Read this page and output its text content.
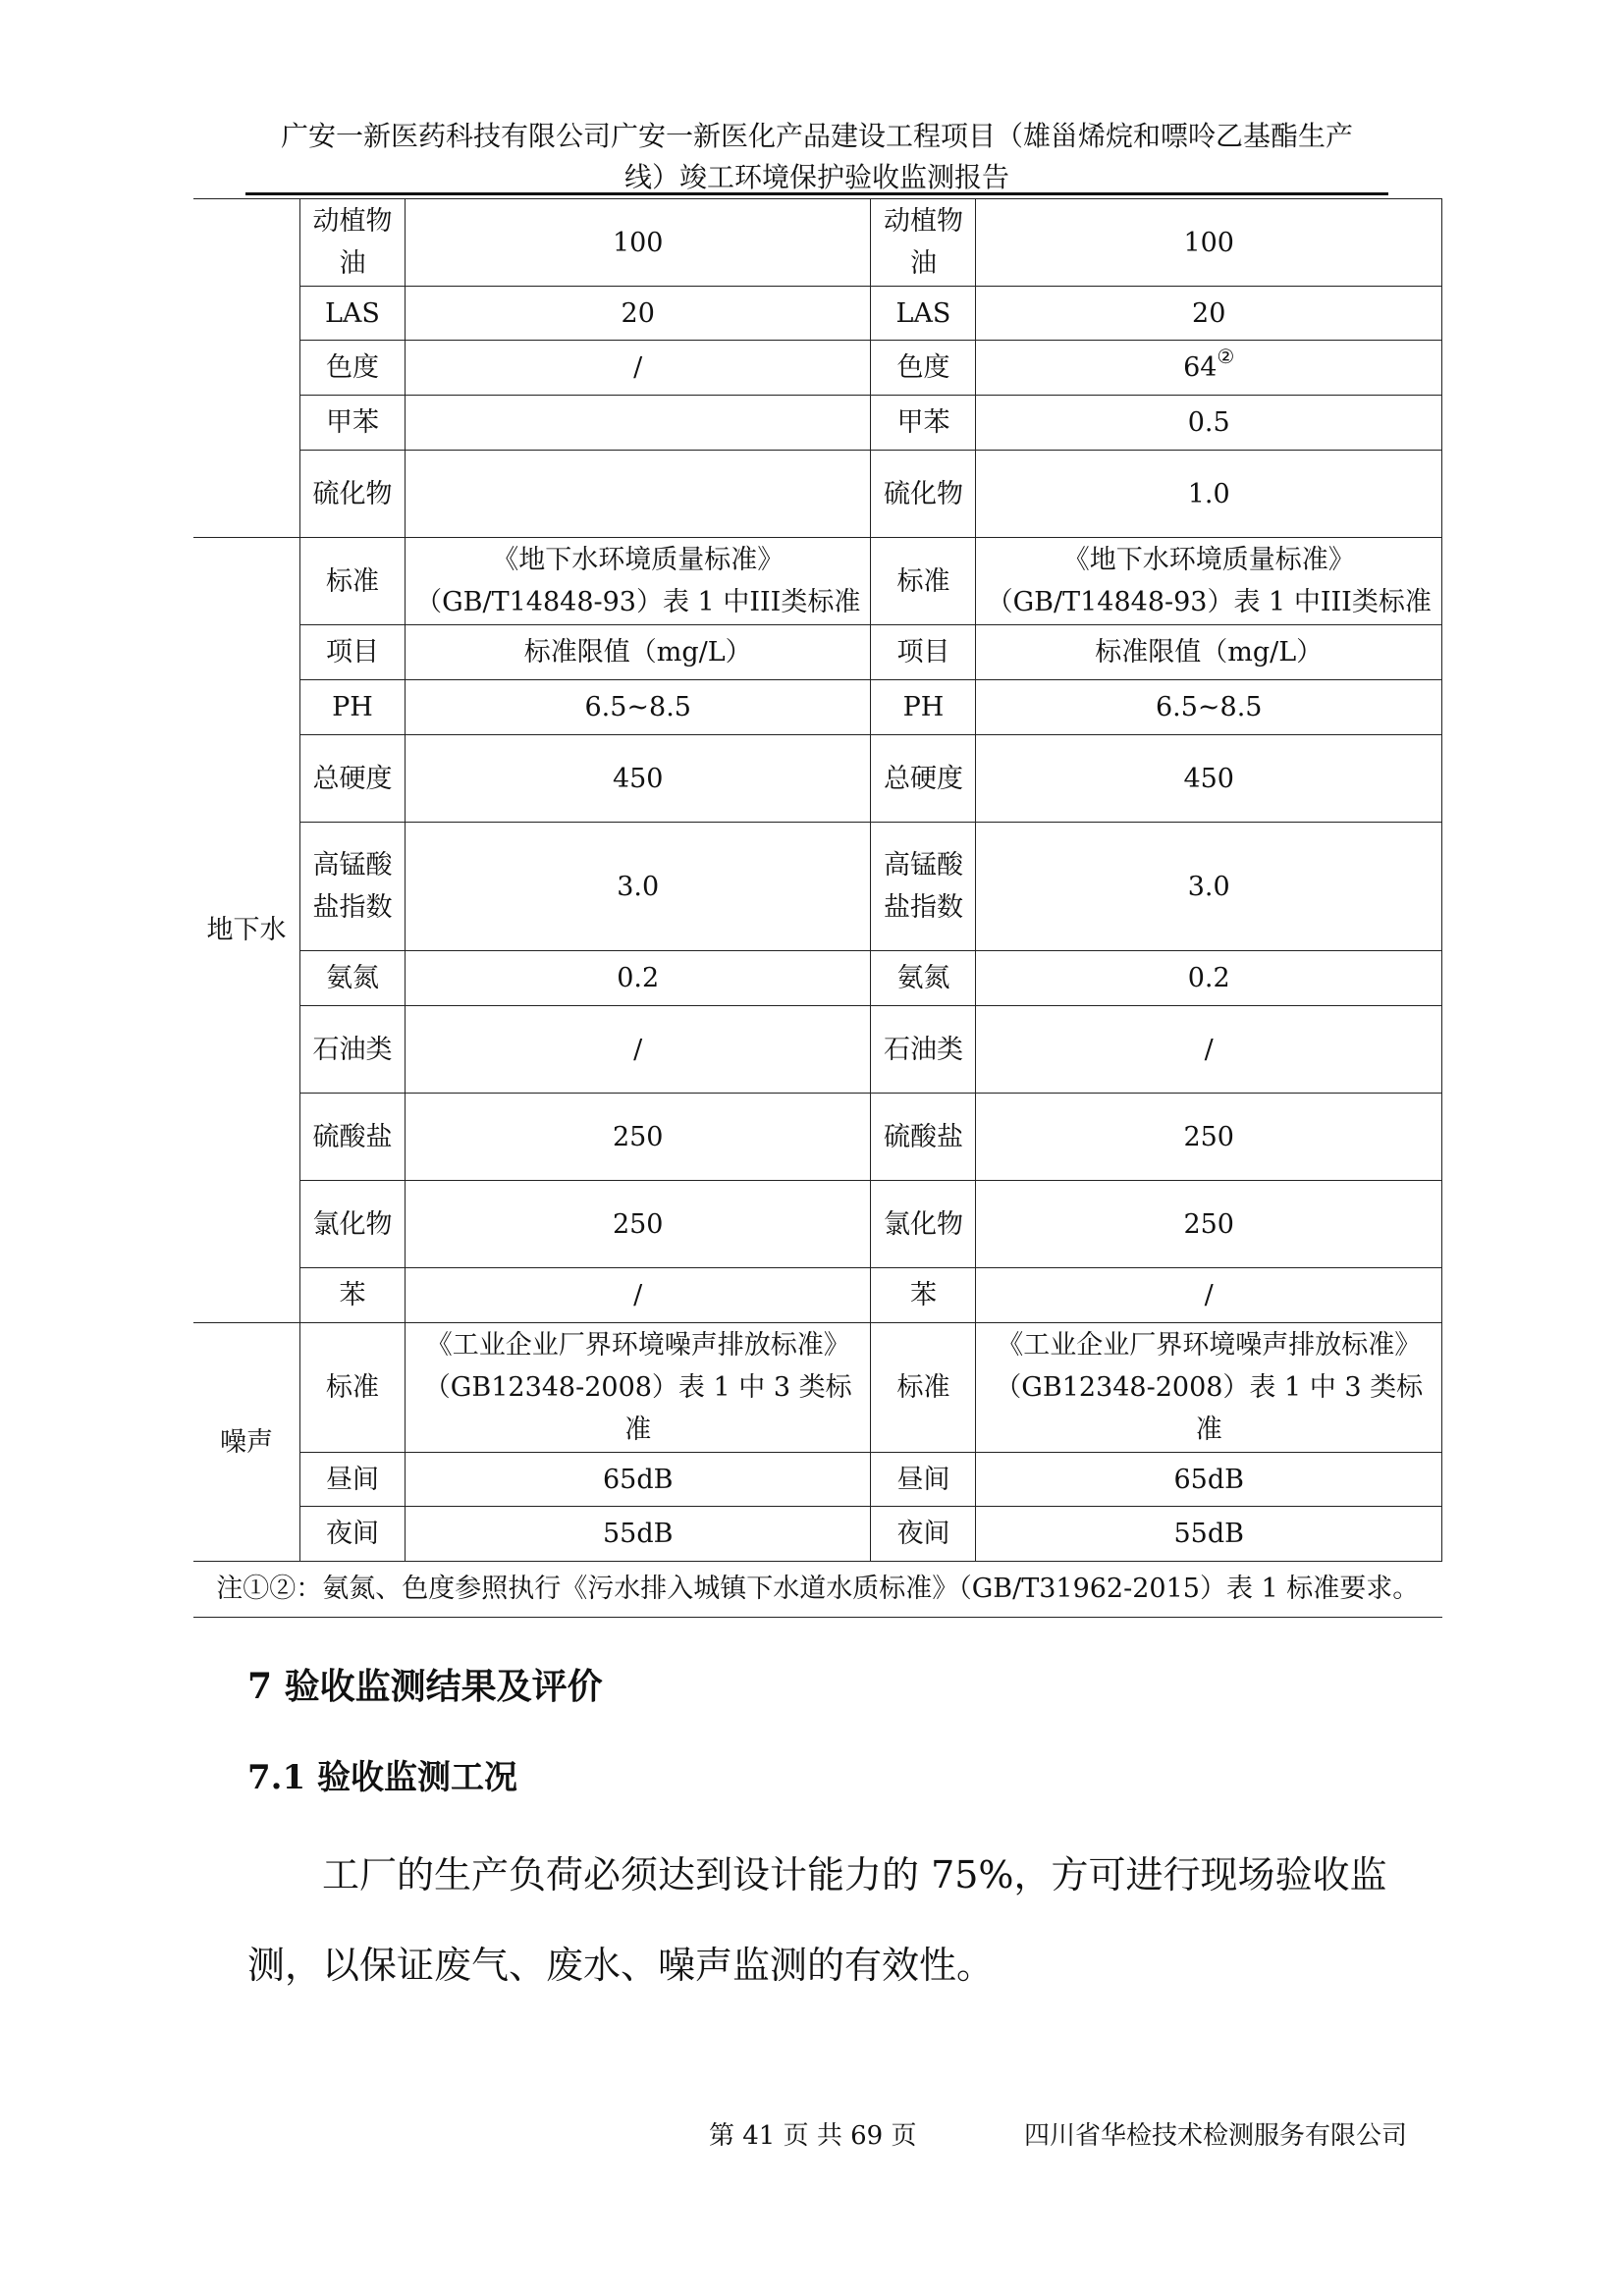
广安一新医药科技有限公司广安一新医化产品建设工程项目（雄甾烯烷和嘌呤乙基酯生产
线）竣工环境保护验收监测报告
	动植物油	100	动植物油	100
	LAS	20	LAS	20
	色度	/	色度	64②
	甲苯		甲苯	0.5
	硫化物		硫化物	1.0
地下水	标准	《地下水环境质量标准》（GB/T14848-93）表 1 中III类标准	标准	《地下水环境质量标准》（GB/T14848-93）表 1 中III类标准
	项目	标准限值（mg/L）	项目	标准限值（mg/L）
	PH	6.5~8.5	PH	6.5~8.5
	总硬度	450	总硬度	450
	高锰酸盐指数	3.0	高锰酸盐指数	3.0
	氨氮	0.2	氨氮	0.2
	石油类	/	石油类	/
	硫酸盐	250	硫酸盐	250
	氯化物	250	氯化物	250
	苯	/	苯	/
噪声	标准	《工业企业厂界环境噪声排放标准》（GB12348-2008）表 1 中 3 类标准	标准	《工业企业厂界环境噪声排放标准》（GB12348-2008）表 1 中 3 类标准
	昼间	65dB	昼间	65dB
	夜间	55dB	夜间	55dB
注①②：氨氮、色度参照执行《污水排入城镇下水道水质标准》（GB/T31962-2015）表 1 标准要求。				
7 验收监测结果及评价
7.1 验收监测工况
工厂的生产负荷必须达到设计能力的 75%，方可进行现场验收监测，以保证废气、废水、噪声监测的有效性。
第 41 页 共 69 页	四川省华检技术检测服务有限公司
